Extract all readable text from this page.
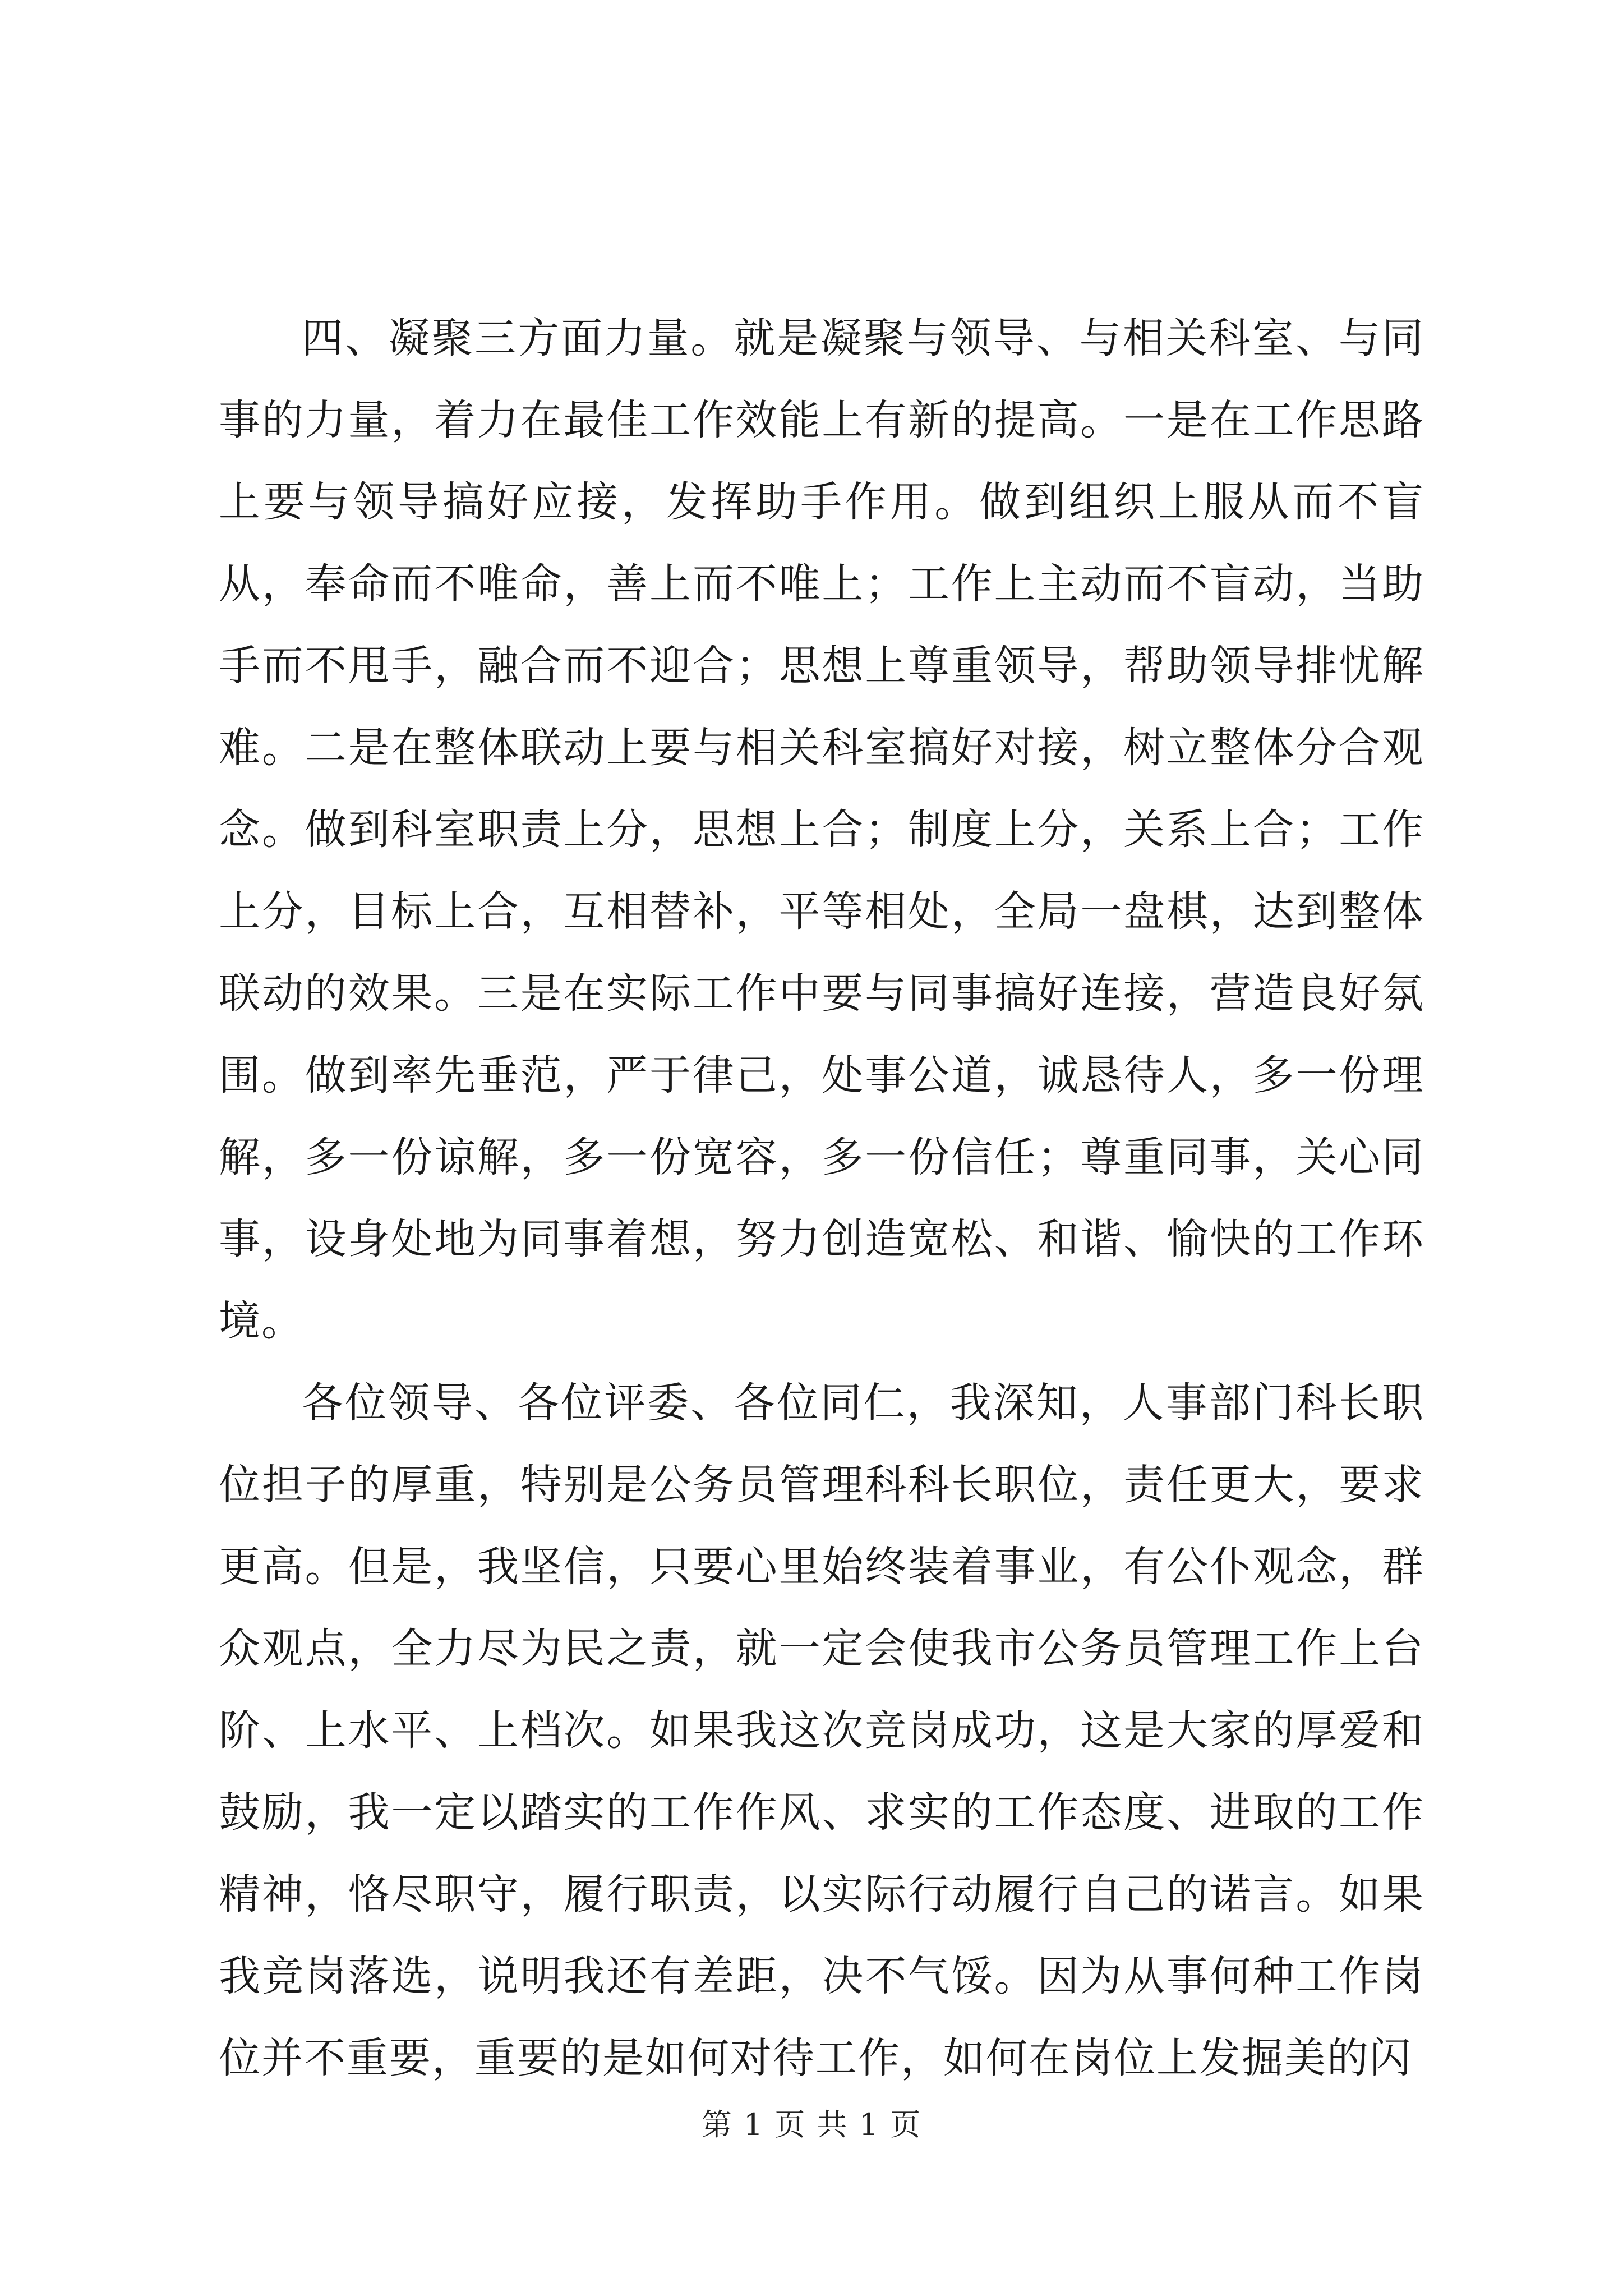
四、凝聚三方面力量。就是凝聚与领导、与相关科室、与同事的力量，着力在最佳工作效能上有新的提高。一是在工作思路上要与领导搞好应接，发挥助手作用。做到组织上服从而不盲从，奉命而不唯命，善上而不唯上；工作上主动而不盲动，当助手而不甩手，融合而不迎合；思想上尊重领导，帮助领导排忧解难。二是在整体联动上要与相关科室搞好对接，树立整体分合观念。做到科室职责上分，思想上合；制度上分，关系上合；工作上分，目标上合，互相替补，平等相处，全局一盘棋，达到整体联动的效果。三是在实际工作中要与同事搞好连接，营造良好氛围。做到率先垂范，严于律己，处事公道，诚恳待人，多一份理解，多一份谅解，多一份宽容，多一份信任；尊重同事，关心同事，设身处地为同事着想，努力创造宽松、和谐、愉快的工作环境。

各位领导、各位评委、各位同仁，我深知，人事部门科长职位担子的厚重，特别是公务员管理科科长职位，责任更大，要求更高。但是，我坚信，只要心里始终装着事业，有公仆观念，群众观点，全力尽为民之责，就一定会使我市公务员管理工作上台阶、上水平、上档次。如果我这次竞岗成功，这是大家的厚爱和鼓励，我一定以踏实的工作作风、求实的工作态度、进取的工作精神，恪尽职守，履行职责，以实际行动履行自己的诺言。如果我竞岗落选，说明我还有差距，决不气馁。因为从事何种工作岗位并不重要，重要的是如何对待工作，如何在岗位上发掘美的闪

第 1 页 共 1 页
